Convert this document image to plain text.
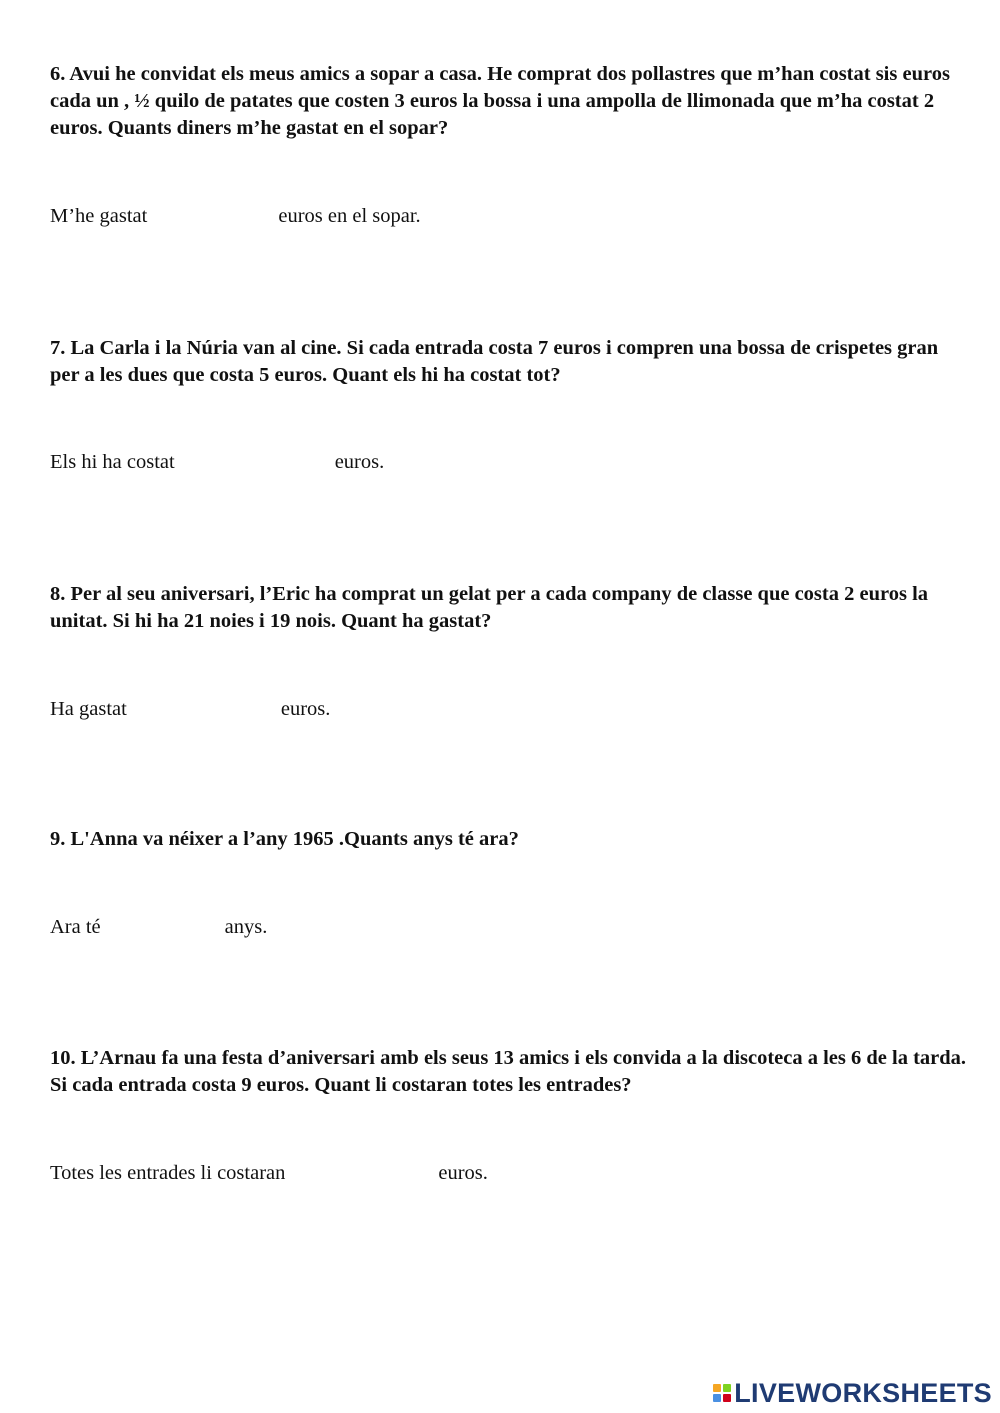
6. Avui he convidat els meus amics a sopar a casa. He comprat dos pollastres que m’han costat sis euros cada un , ½ quilo de patates que costen 3 euros la bossa i una ampolla de llimonada que m’ha costat 2 euros. Quants diners m’he gastat en el sopar?
M’he gastat	euros en el sopar.
7. La Carla i la Núria van al cine. Si cada entrada costa 7 euros i compren una bossa de crispetes gran per a les dues que costa 5 euros. Quant els hi ha costat tot?
Els hi ha costat	euros.
8. Per al seu aniversari, l’Eric ha comprat un gelat per a cada company de classe que costa 2 euros la unitat. Si hi ha 21 noies i 19 nois. Quant ha gastat?
Ha gastat	euros.
9. L'Anna va néixer a l’any 1965 .Quants anys té ara?
Ara té	anys.
10. L’Arnau fa una festa d’aniversari amb els seus 13 amics i els convida a la discoteca a les 6 de la tarda. Si cada entrada costa 9 euros. Quant li costaran totes les entrades?
Totes les entrades li costaran	euros.
LIVEWORKSHEETS
